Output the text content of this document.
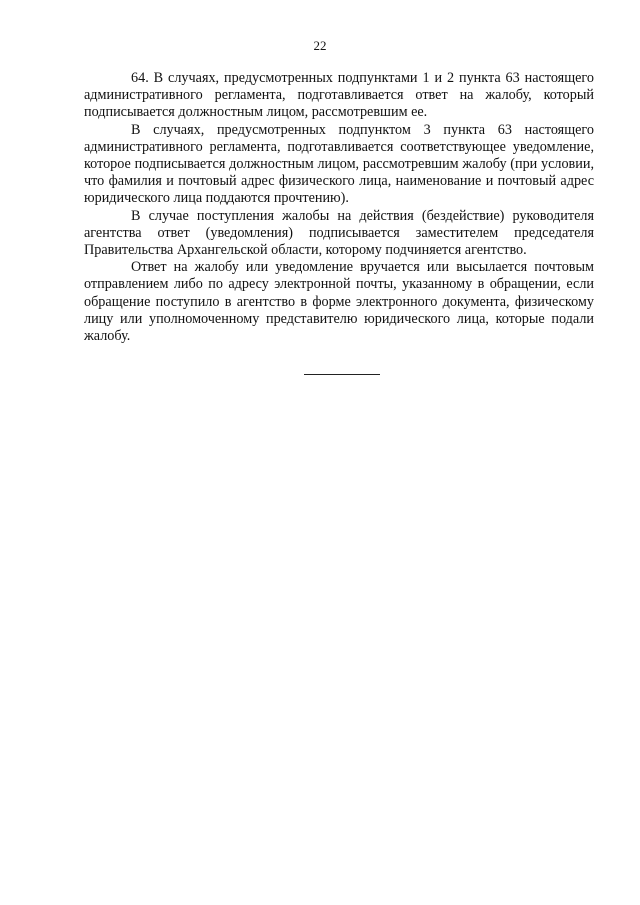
22

64. В случаях, предусмотренных подпунктами 1 и 2 пункта 63 настоящего административного регламента, подготавливается ответ на жалобу, который подписывается должностным лицом, рассмотревшим ее.

В случаях, предусмотренных подпунктом 3 пункта 63 настоящего административного регламента, подготавливается соответствующее уведомление, которое подписывается должностным лицом, рассмотревшим жалобу (при условии, что фамилия и почтовый адрес физического лица, наименование и почтовый адрес юридического лица поддаются прочтению).

В случае поступления жалобы на действия (бездействие) руководителя агентства ответ (уведомления) подписывается заместителем председателя Правительства Архангельской области, которому подчиняется агентство.

Ответ на жалобу или уведомление вручается или высылается почтовым отправлением либо по адресу электронной почты, указанному в обращении, если обращение поступило в агентство в форме электронного документа, физическому лицу или уполномоченному представителю юридического лица, которые подали жалобу.
